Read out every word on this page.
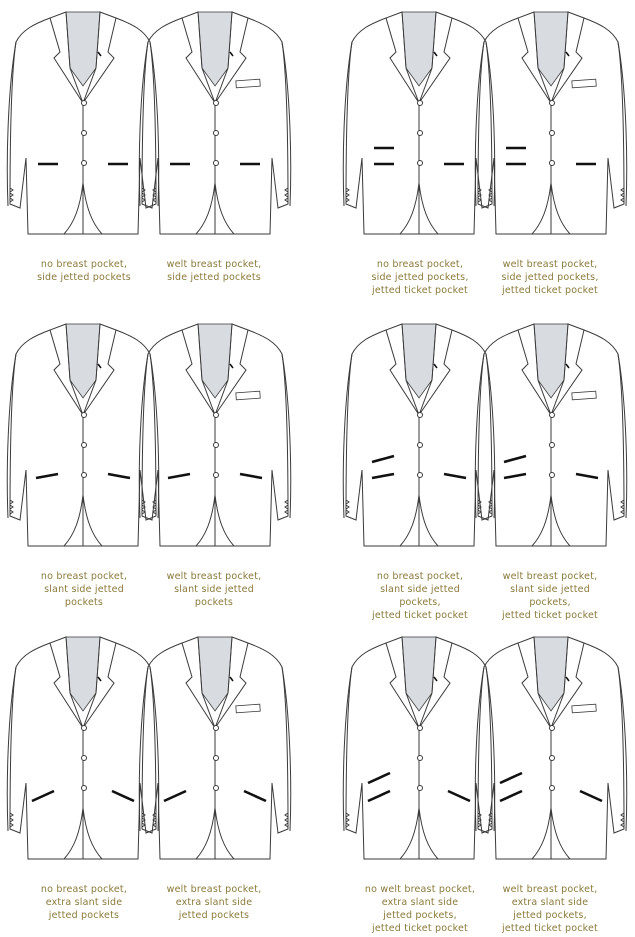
no breast pocket,
side jetted pockets
welt breast pocket,
side jetted pockets
no breast pocket,
side jetted pockets,
jetted ticket pocket
welt breast pocket,
side jetted pockets,
jetted ticket pocket
no breast pocket,
slant side jetted
pockets
welt breast pocket,
slant side jetted
pockets
no breast pocket,
slant side jetted
pockets,
jetted ticket pocket
welt breast pocket,
slant side jetted
pockets,
jetted ticket pocket
no breast pocket,
extra slant side
jetted pockets
welt breast pocket,
extra slant side
jetted pockets
no welt breast pocket,
extra slant side
jetted pockets,
jetted ticket pocket
welt breast pocket,
extra slant side
jetted pockets,
jetted ticket pocket
